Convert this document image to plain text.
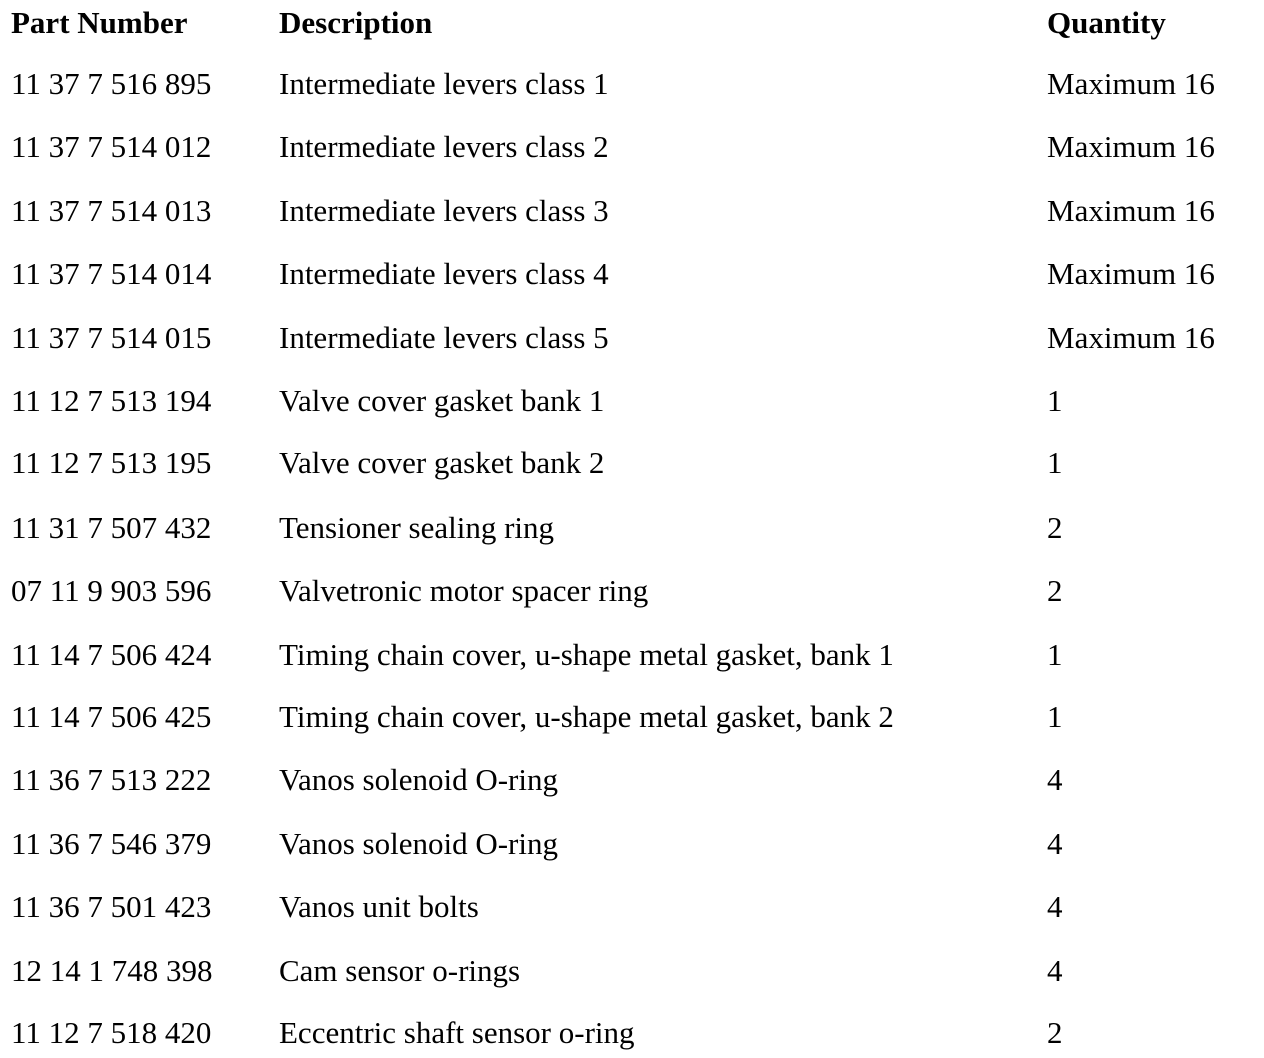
Part Number	Description	Quantity
11 37 7 516 895 Intermediate levers class 1	Maximum 16
11 37 7 514 012 Intermediate levers class 2	Maximum 16
11 37 7 514 013 Intermediate levers class 3	Maximum 16
11 37 7 514 014 Intermediate levers class 4	Maximum 16
11 37 7 514 015 Intermediate levers class 5	Maximum 16
11 12 7 513 194 Valve cover gasket bank 1	1
11 12 7 513 195 Valve cover gasket bank 2	1
11 31 7 507 432 Tensioner sealing ring	2
07 11 9 903 596 Valvetronic motor spacer ring	2
11 14 7 506 424 Timing chain cover, u-shape metal gasket, bank 1	1
11 14 7 506 425 Timing chain cover, u-shape metal gasket, bank 2	1
11 36 7 513 222 Vanos solenoid O-ring	4
11 36 7 546 379 Vanos solenoid O-ring	4
11 36 7 501 423 Vanos unit bolts	4
12 14 1 748 398 Cam sensor o-rings	4
11 12 7 518 420 Eccentric shaft sensor o-ring	2
